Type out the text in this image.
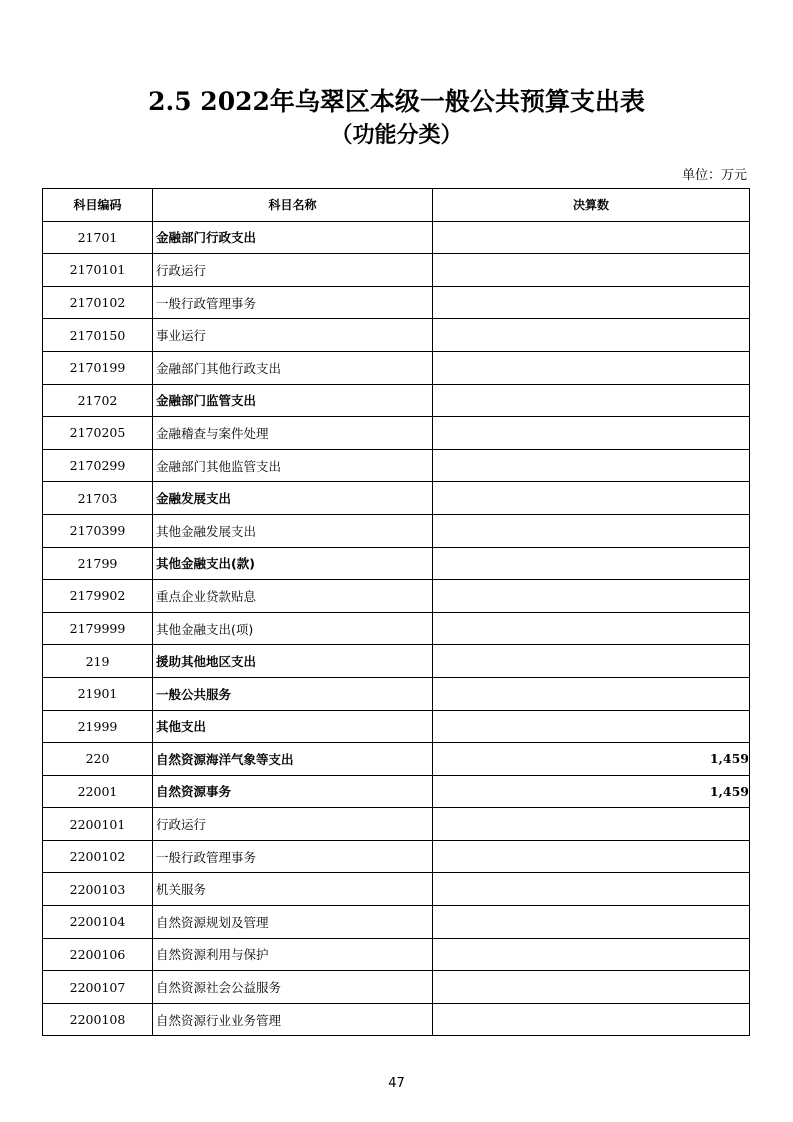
2.5 2022年乌翠区本级一般公共预算支出表
（功能分类）
单位：万元
科目编码	科目名称	决算数
21701	金融部门行政支出	
2170101	行政运行	
2170102	一般行政管理事务	
2170150	事业运行	
2170199	金融部门其他行政支出	
21702	金融部门监管支出	
2170205	金融稽查与案件处理	
2170299	金融部门其他监管支出	
21703	金融发展支出	
2170399	其他金融发展支出	
21799	其他金融支出(款)	
2179902	重点企业贷款贴息	
2179999	其他金融支出(项)	
219	援助其他地区支出	
21901	一般公共服务	
21999	其他支出	
220	自然资源海洋气象等支出	1,459
22001	自然资源事务	1,459
2200101	行政运行	
2200102	一般行政管理事务	
2200103	机关服务	
2200104	自然资源规划及管理	
2200106	自然资源利用与保护	
2200107	自然资源社会公益服务	
2200108	自然资源行业业务管理	
47
